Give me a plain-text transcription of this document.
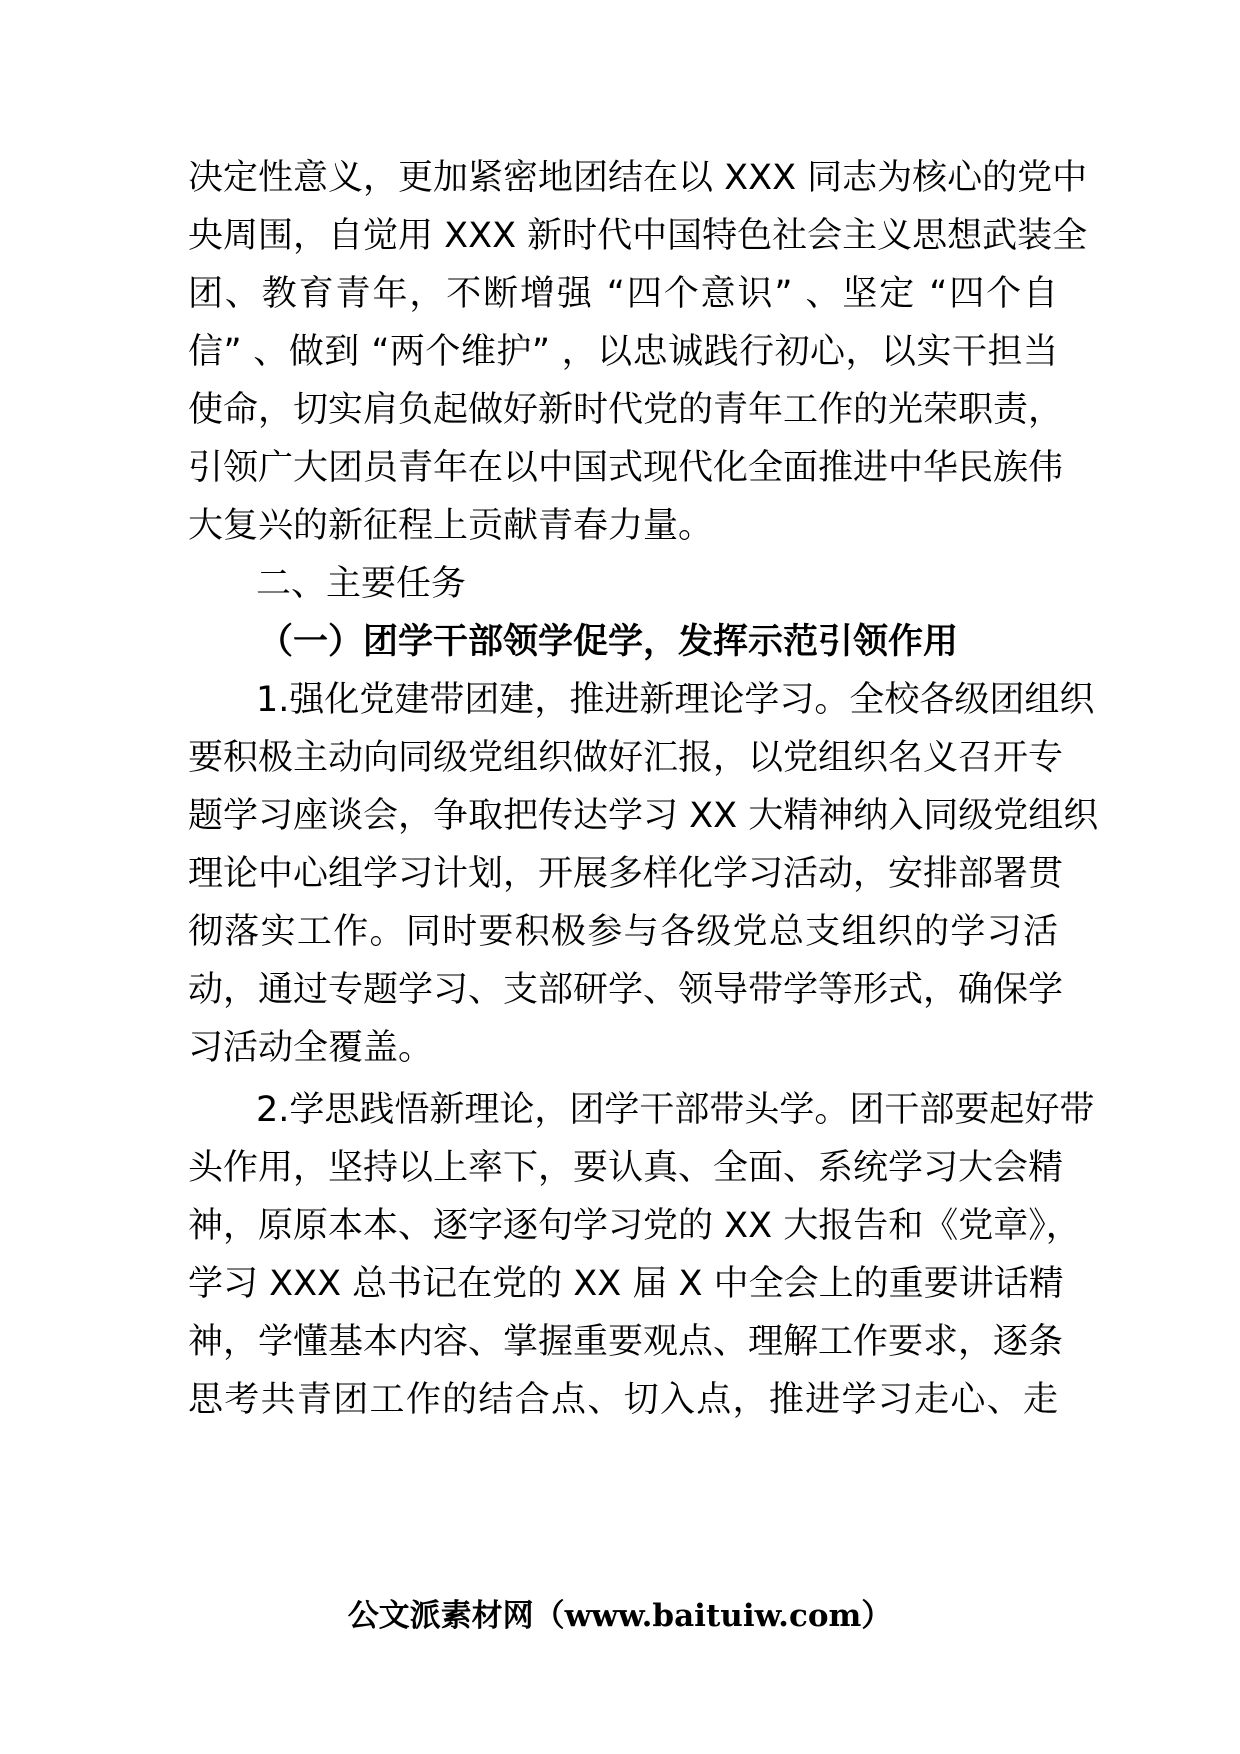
决定性意义，更加紧密地团结在以 XXX 同志为核心的党中
央周围，自觉用 XXX 新时代中国特色社会主义思想武装全
团、教育青年，不断增强 “四个意识” 、坚定 “四个自
信” 、做到 “两个维护” ，以忠诚践行初心，以实干担当
使命，切实肩负起做好新时代党的青年工作的光荣职责，
引领广大团员青年在以中国式现代化全面推进中华民族伟
大复兴的新征程上贡献青春力量。
二、主要任务
（一）团学干部领学促学，发挥示范引领作用
1.强化党建带团建，推进新理论学习。全校各级团组织
要积极主动向同级党组织做好汇报，以党组织名义召开专
题学习座谈会，争取把传达学习 XX 大精神纳入同级党组织
理论中心组学习计划，开展多样化学习活动，安排部署贯
彻落实工作。同时要积极参与各级党总支组织的学习活
动，通过专题学习、支部研学、领导带学等形式，确保学
习活动全覆盖。
2.学思践悟新理论，团学干部带头学。团干部要起好带
头作用，坚持以上率下，要认真、全面、系统学习大会精
神，原原本本、逐字逐句学习党的 XX 大报告和《党章》，
学习 XXX 总书记在党的 XX 届 X 中全会上的重要讲话精
神，学懂基本内容、掌握重要观点、理解工作要求，逐条
思考共青团工作的结合点、切入点，推进学习走心、走
公文派素材网（www.baituiw.com）
